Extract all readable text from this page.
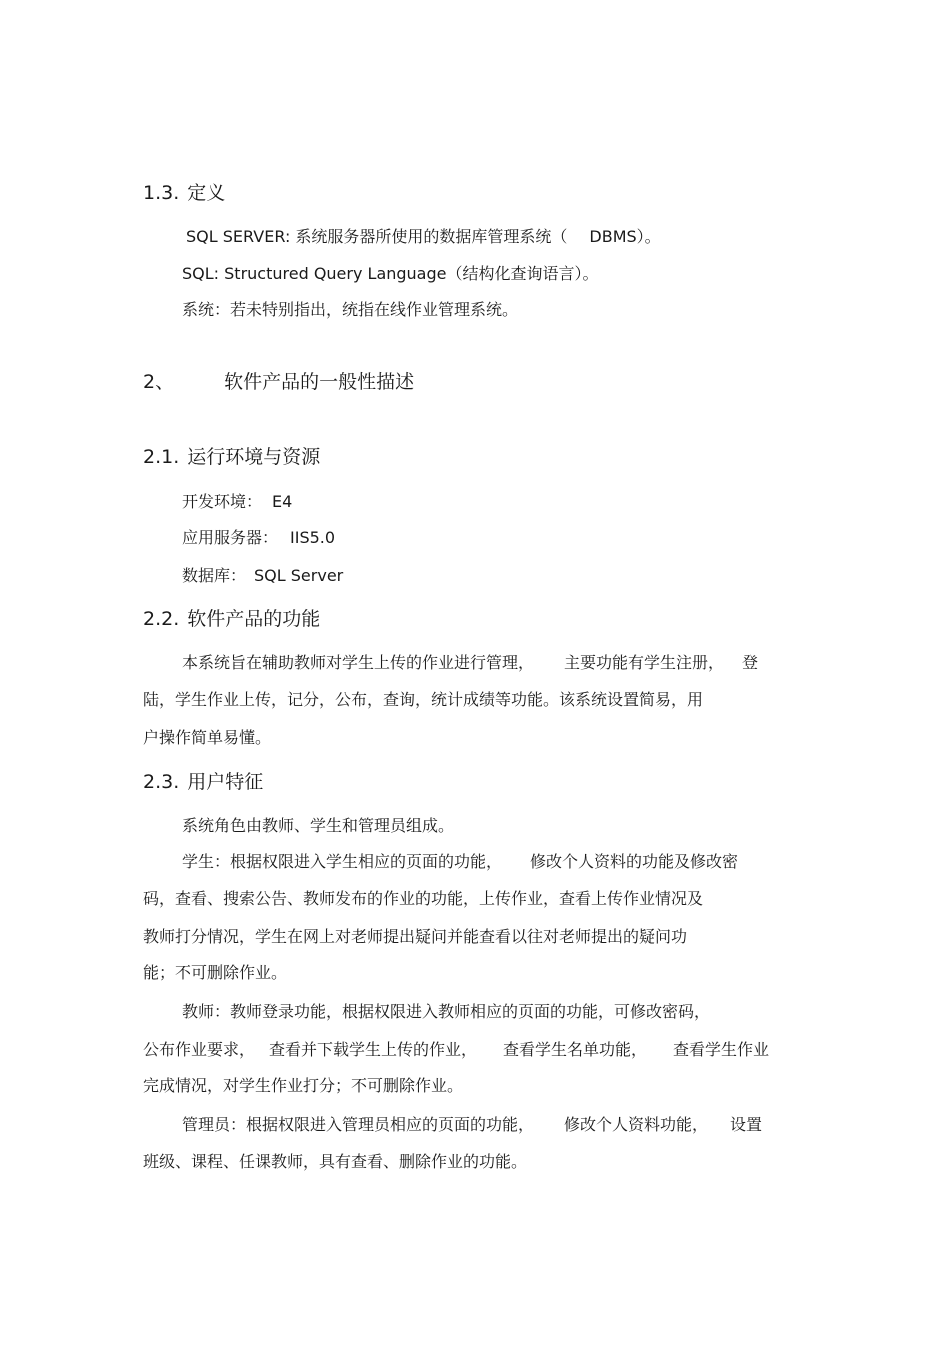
1.3. 定义
SQL SERVER: 系统服务器所使用的数据库管理系统（ DBMS）。
SQL: Structured Query Language（结构化查询语言）。
系统：若未特别指出，统指在线作业管理系统。
2、	软件产品的一般性描述
2.1. 运行环境与资源
开发环境： E4
应用服务器： IIS5.0
数据库： SQL Server
2.2. 软件产品的功能
本系统旨在辅助教师对学生上传的作业进行管理， 主要功能有学生注册， 登
陆，学生作业上传，记分，公布，查询，统计成绩等功能。该系统设置简易，用
户操作简单易懂。
2.3. 用户特征
系统角色由教师、学生和管理员组成。
学生：根据权限进入学生相应的页面的功能， 修改个人资料的功能及修改密
码，查看、搜索公告、教师发布的作业的功能，上传作业，查看上传作业情况及
教师打分情况，学生在网上对老师提出疑问并能查看以往对老师提出的疑问功
能；不可删除作业。
教师：教师登录功能，根据权限进入教师相应的页面的功能，可修改密码，
公布作业要求， 查看并下载学生上传的作业， 查看学生名单功能， 查看学生作业
完成情况，对学生作业打分；不可删除作业。
管理员：根据权限进入管理员相应的页面的功能， 修改个人资料功能， 设置
班级、课程、任课教师，具有查看、删除作业的功能。
